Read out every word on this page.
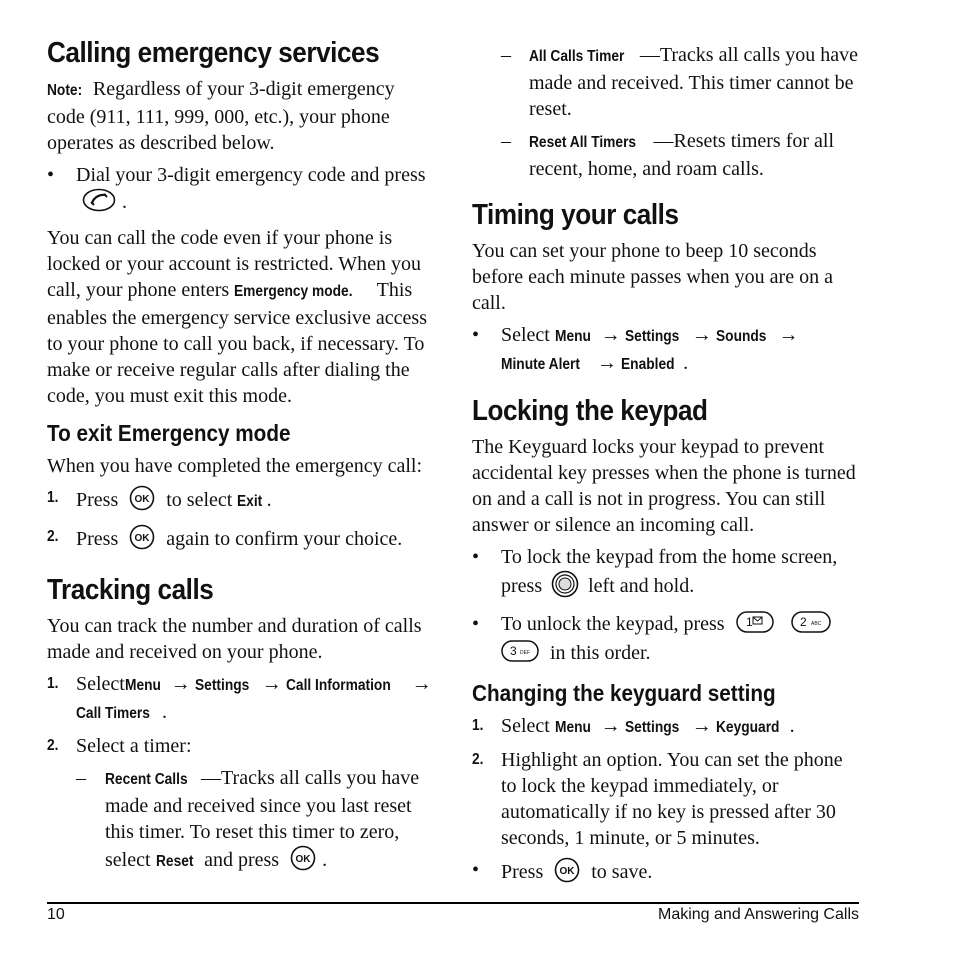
Calling emergency services

Note: Regardless of your 3-digit emergency code (911, 111, 999, 000, etc.), your phone operates as described below.

• Dial your 3-digit emergency code and press .

You can call the code even if your phone is locked or your account is restricted. When you call, your phone enters Emergency mode. This enables the emergency service exclusive access to your phone to call you back, if necessary. To make or receive regular calls after dialing the code, you must exit this mode.

To exit Emergency mode

When you have completed the emergency call:

1. Press OK to select Exit .
2. Press OK again to confirm your choice.
Tracking calls

You can track the number and duration of calls made and received on your phone.

1. SelectMenu → Settings → Call Information → Call Timers .
2. Select a timer:
– Recent Calls —Tracks all calls you have made and received since you last reset this timer. To reset this timer to zero, select Reset and press OK .
– All Calls Timer —Tracks all calls you have made and received. This timer cannot be reset.
– Reset All Timers —Resets timers for all recent, home, and roam calls.
Timing your calls

You can set your phone to beep 10 seconds before each minute passes when you are on a call.

• Select Menu → Settings → Sounds → Minute Alert → Enabled .
Locking the keypad

The Keyguard locks your keypad to prevent accidental key presses when the phone is turned on and a call is not in progress. You can still answer or silence an incoming call.

• To lock the keypad from the home screen, press left and hold.
• To unlock the keypad, press 1
	2 ABC

3 DEF in this order.
Changing the keyguard setting
1. Select Menu → Settings → Keyguard .
2. Highlight an option. You can set the phone to lock the keypad immediately, or automatically if no key is pressed after 30 seconds, 1 minute, or 5 minutes.
• Press OK to save.
10	Making and Answering Calls
